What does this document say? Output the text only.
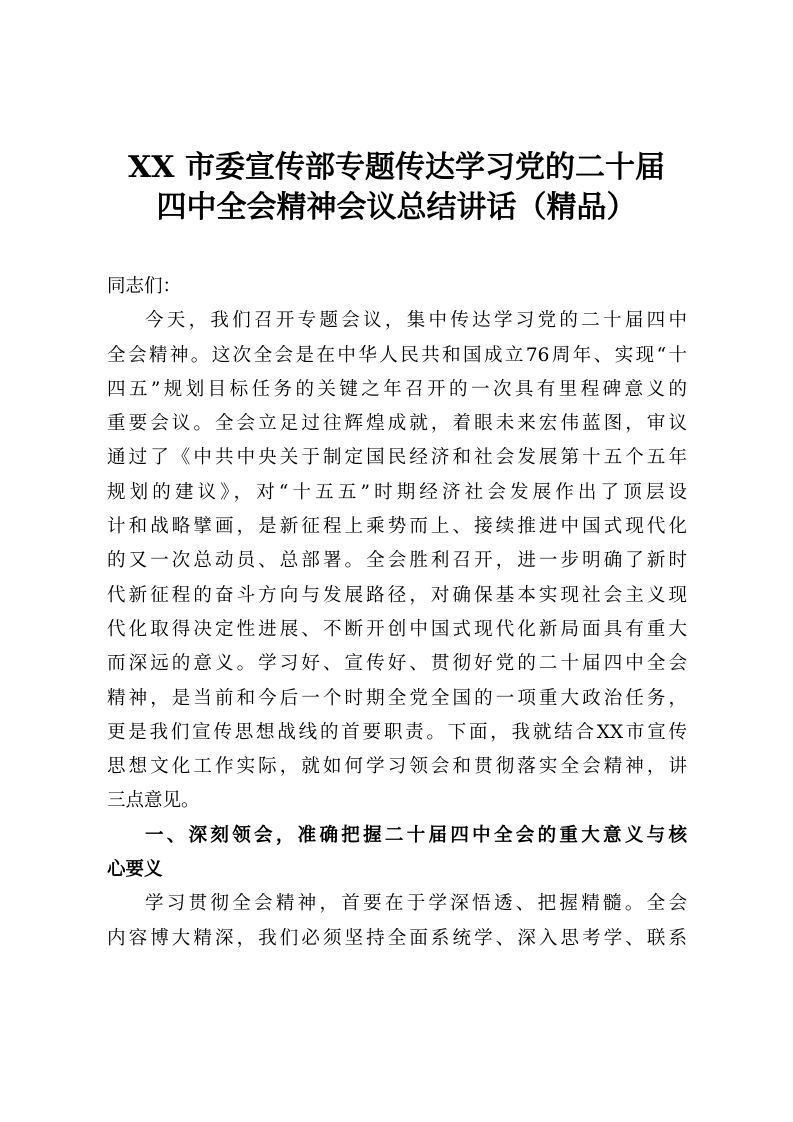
XX 市委宣传部专题传达学习党的二十届
四中全会精神会议总结讲话（精品）
同志们：
今天，我们召开专题会议，集中传达学习党的二十届四中
全会精神。这次全会是在中华人民共和国成立76周年、实现“十
四五”规划目标任务的关键之年召开的一次具有里程碑意义的
重要会议。全会立足过往辉煌成就，着眼未来宏伟蓝图，审议
通过了《中共中央关于制定国民经济和社会发展第十五个五年
规划的建议》，对“十五五”时期经济社会发展作出了顶层设
计和战略擘画，是新征程上乘势而上、接续推进中国式现代化
的又一次总动员、总部署。全会胜利召开，进一步明确了新时
代新征程的奋斗方向与发展路径，对确保基本实现社会主义现
代化取得决定性进展、不断开创中国式现代化新局面具有重大
而深远的意义。学习好、宣传好、贯彻好党的二十届四中全会
精神，是当前和今后一个时期全党全国的一项重大政治任务，
更是我们宣传思想战线的首要职责。下面，我就结合XX市宣传
思想文化工作实际，就如何学习领会和贯彻落实全会精神，讲
三点意见。
一、深刻领会，准确把握二十届四中全会的重大意义与核
心要义
学习贯彻全会精神，首要在于学深悟透、把握精髓。全会
内容博大精深，我们必须坚持全面系统学、深入思考学、联系
